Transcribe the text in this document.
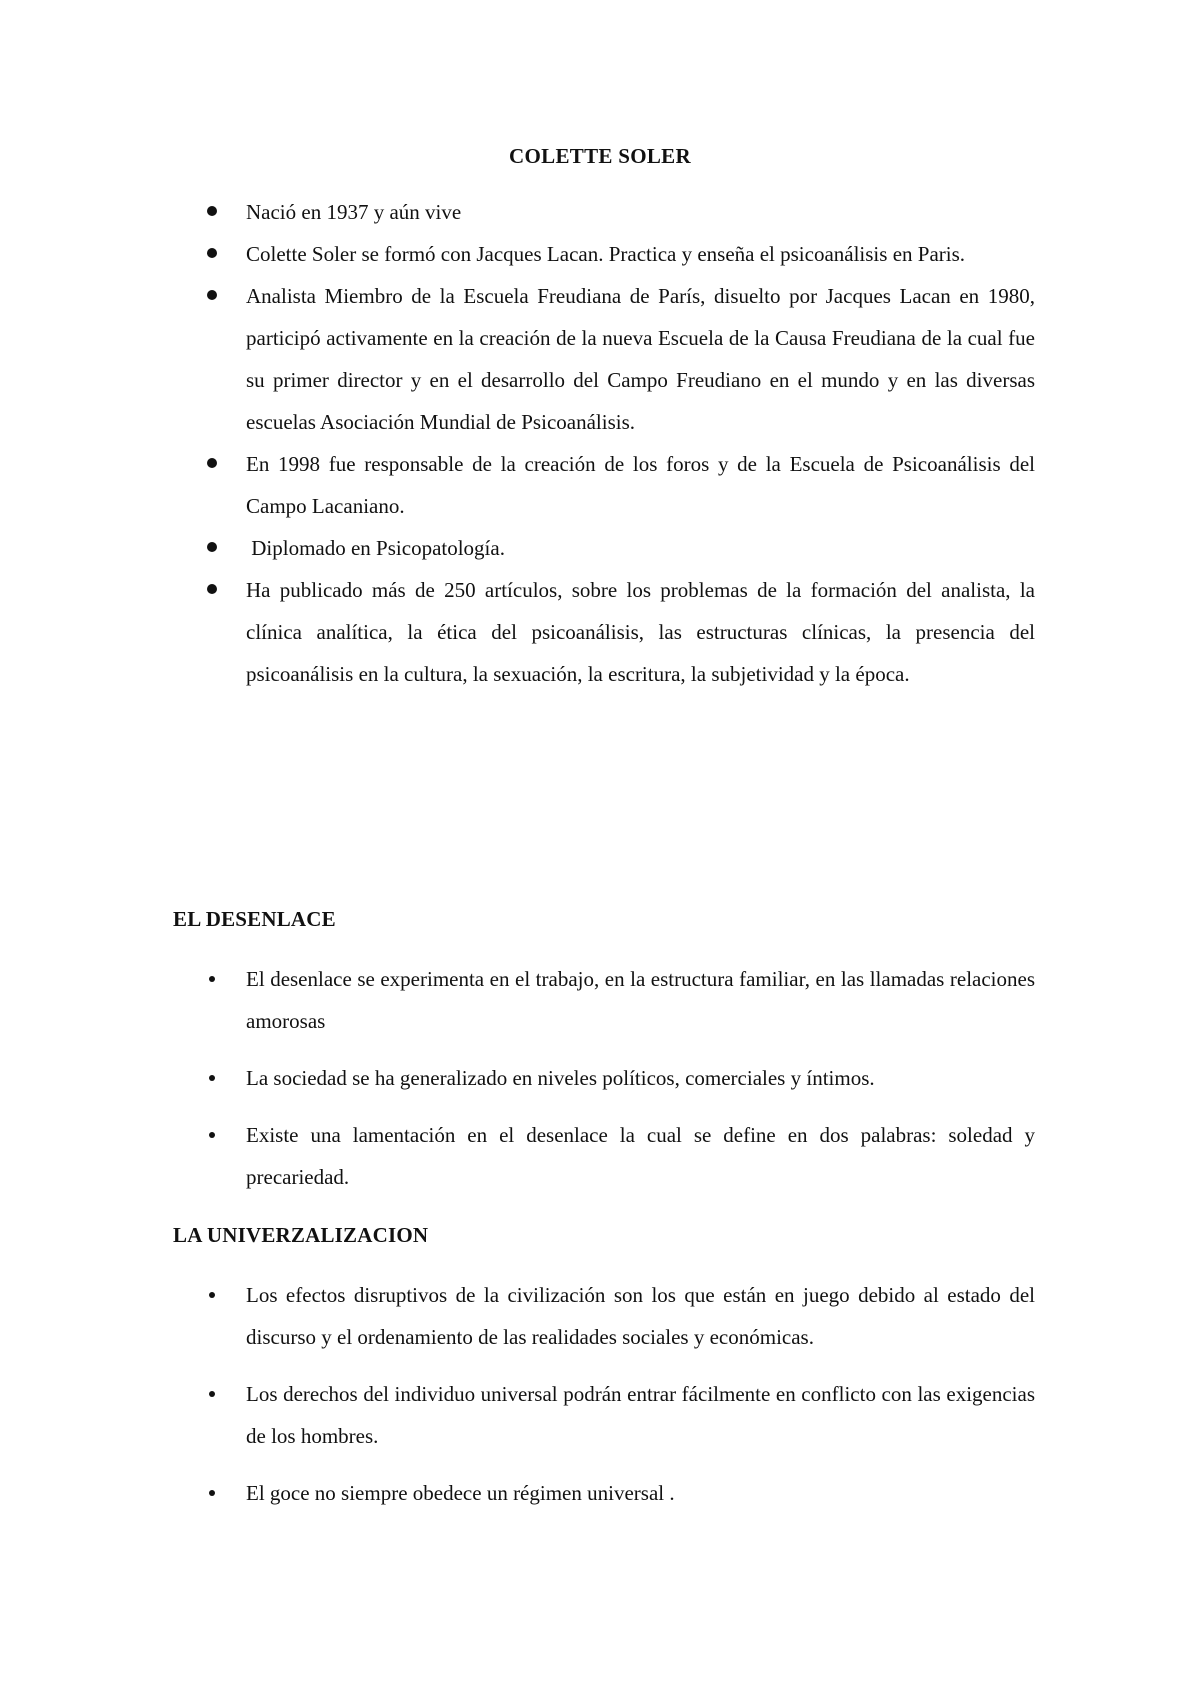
COLETTE SOLER
Nació en 1937 y aún vive
Colette Soler se formó con Jacques Lacan. Practica y enseña el psicoanálisis en Paris.
Analista Miembro de la Escuela Freudiana de París, disuelto por Jacques Lacan en 1980, participó activamente en la creación de la nueva Escuela de la Causa Freudiana de la cual fue su primer director y en el desarrollo del Campo Freudiano en el mundo y en las diversas escuelas Asociación Mundial de Psicoanálisis.
En 1998 fue responsable de la creación de los foros y de la Escuela de Psicoanálisis del Campo Lacaniano.
Diplomado en Psicopatología.
Ha publicado más de 250 artículos, sobre los problemas de la formación del analista, la clínica analítica, la ética del psicoanálisis, las estructuras clínicas, la presencia del psicoanálisis en la cultura, la sexuación, la escritura, la subjetividad y la época.
EL DESENLACE
El desenlace se experimenta en el trabajo, en la estructura familiar, en las llamadas relaciones amorosas
La sociedad se ha generalizado en niveles políticos, comerciales y íntimos.
Existe una lamentación en el desenlace la cual se define en dos palabras: soledad y precariedad.
LA UNIVERZALIZACION
Los efectos disruptivos de la civilización son los que están en juego debido al estado del discurso y el ordenamiento de las realidades sociales y económicas.
Los derechos del individuo universal podrán entrar fácilmente en conflicto con las exigencias de los hombres.
El goce no siempre obedece un régimen universal .
